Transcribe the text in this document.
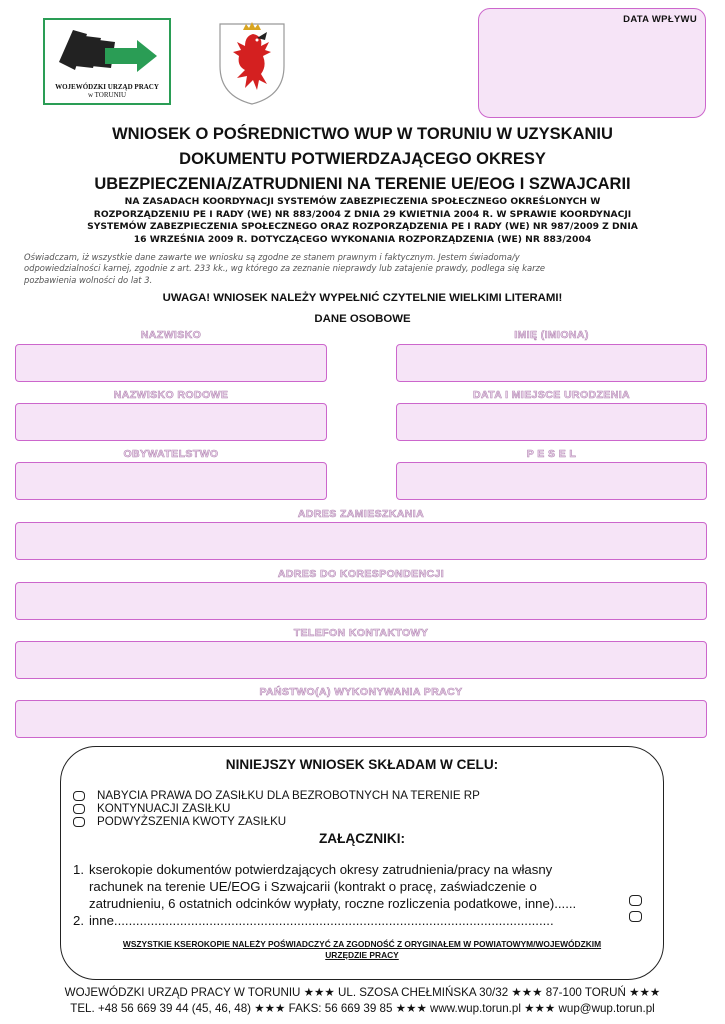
WOJEWÓDZKI URZĄD PRACY
w TORUNIU
DATA WPŁYWU
WNIOSEK O POŚREDNICTWO WUP W TORUNIU W UZYSKANIU
DOKUMENTU POTWIERDZAJĄCEGO OKRESY
UBEZPIECZENIA/ZATRUDNIENI NA TERENIE UE/EOG I SZWAJCARII
NA ZASADACH KOORDYNACJI SYSTEMÓW ZABEZPIECZENIA SPOŁECZNEGO OKREŚLONYCH W
ROZPORZĄDZENIU PE I RADY (WE) NR 883/2004 Z DNIA 29 KWIETNIA 2004 R. W SPRAWIE KOORDYNACJI
SYSTEMÓW ZABEZPIECZENIA SPOŁECZNEGO ORAZ ROZPORZĄDZENIA PE I RADY (WE) NR 987/2009 Z DNIA
16 WRZEŚNIA 2009 R. DOTYCZĄCEGO WYKONANIA ROZPORZĄDZENIA (WE) NR 883/2004
Oświadczam, iż wszystkie dane zawarte we wniosku są zgodne ze stanem prawnym i faktycznym. Jestem świadoma/y
odpowiedzialności karnej, zgodnie z art. 233 kk., wg którego za zeznanie nieprawdy lub zatajenie prawdy, podlega się karze
pozbawienia wolności do lat 3.
UWAGA! WNIOSEK NALEŻY WYPEŁNIĆ CZYTELNIE WIELKIMI LITERAMI!
DANE OSOBOWE
NAZWISKO	IMIĘ (IMIONA)
NAZWISKO RODOWE	DATA I MIEJSCE URODZENIA
OBYWATELSTWO	P E S E L
ADRES ZAMIESZKANIA
ADRES DO KORESPONDENCJI
TELEFON KONTAKTOWY
PAŃSTWO(A) WYKONYWANIA PRACY
NINIEJSZY WNIOSEK SKŁADAM W CELU:
NABYCIA PRAWA DO ZASIŁKU DLA BEZROBOTNYCH NA TERENIE RP
KONTYNUACJI ZASIŁKU
PODWYŻSZENIA KWOTY ZASIŁKU
ZAŁĄCZNIKI:
1. kserokopie dokumentów potwierdzających okresy zatrudnienia/pracy na własny
rachunek na terenie UE/EOG i Szwajcarii (kontrakt o pracę, zaświadczenie o
zatrudnieniu, 6 ostatnich odcinków wypłaty, roczne rozliczenia podatkowe, inne)......
2. inne........................................................................................................................
WSZYSTKIE KSEROKOPIE NALEŻY POŚWIADCZYĆ ZA ZGODNOŚĆ Z ORYGINAŁEM W POWIATOWYM/WOJEWÓDZKIM
URZĘDZIE PRACY
WOJEWÓDZKI URZĄD PRACY W TORUNIU ★★★ UL. SZOSA CHEŁMIŃSKA 30/32 ★★★ 87-100 TORUŃ ★★★
TEL. +48 56 669 39 44 (45, 46, 48) ★★★ FAKS: 56 669 39 85 ★★★ www.wup.torun.pl ★★★ wup@wup.torun.pl
